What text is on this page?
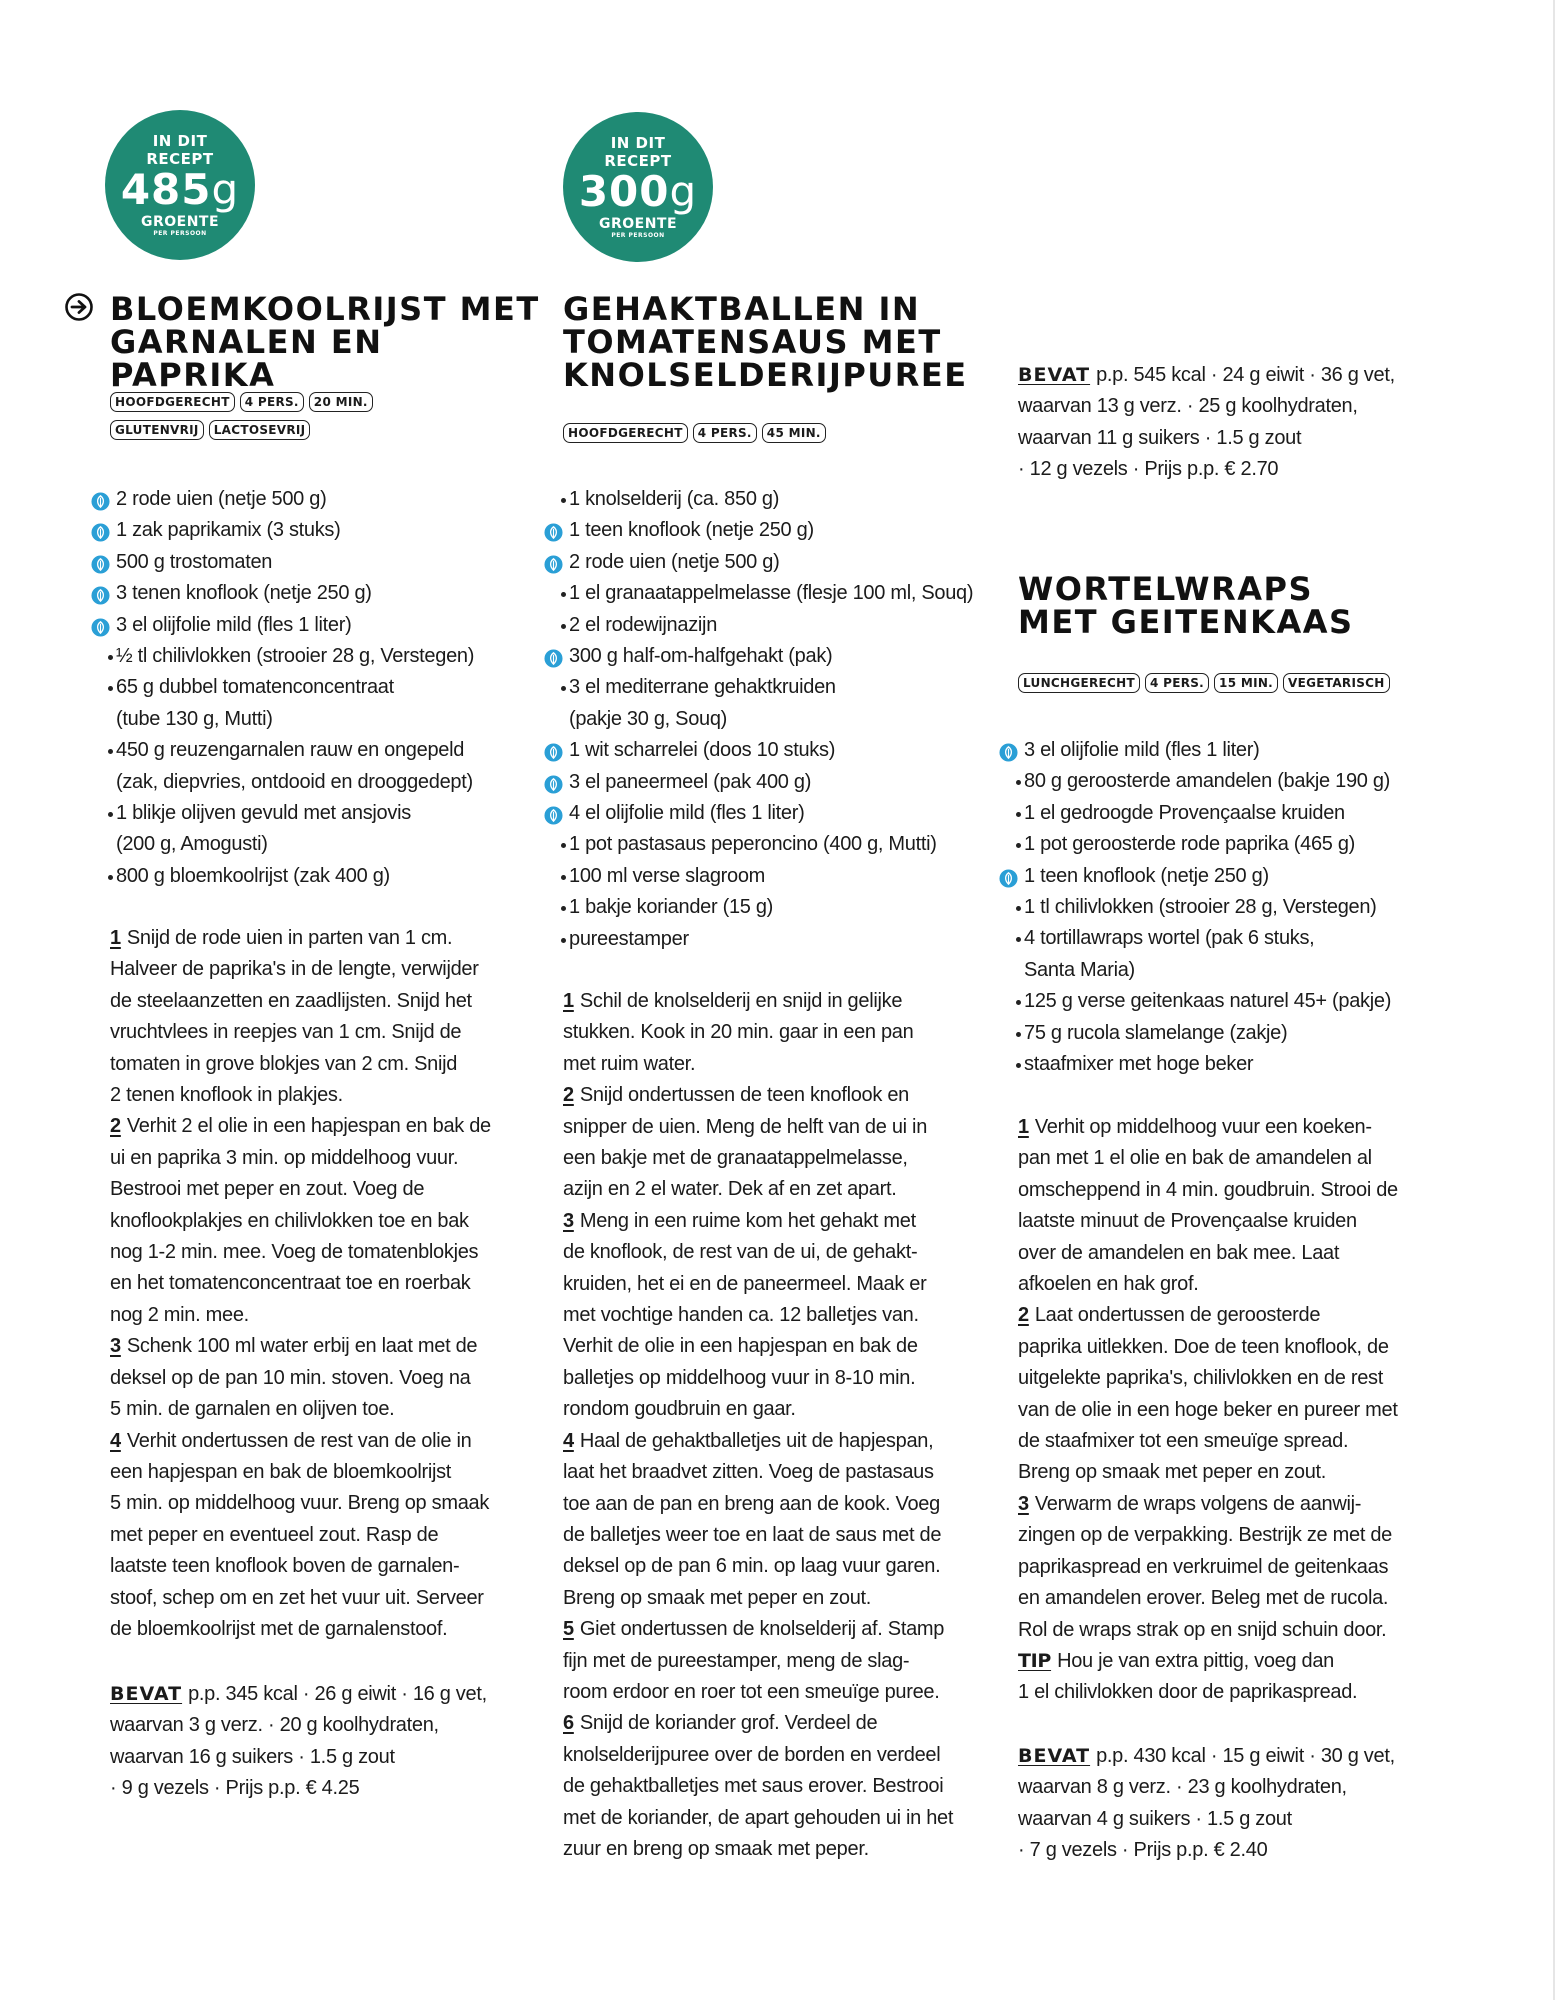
IN DIT
RECEPT
485g
GROENTE
PER PERSOON
BLOEMKOOLRIJST MET
GARNALEN EN PAPRIKA
HOOFDGERECHT	4 PERS.	20 MIN.
GLUTENVRIJ	LACTOSEVRIJ
2 rode uien (netje 500 g)
1 zak paprikamix (3 stuks)
500 g trostomaten
3 tenen knoflook (netje 250 g)
3 el olijfolie mild (fles 1 liter)
½ tl chilivlokken (strooier 28 g, Verstegen)
65 g dubbel tomatenconcentraat
(tube 130 g, Mutti)
450 g reuzengarnalen rauw en ongepeld
(zak, diepvries, ontdooid en drooggedept)
1 blikje olijven gevuld met ansjovis
(200 g, Amogusti)
800 g bloemkoolrijst (zak 400 g)

1 Snijd de rode uien in parten van 1 cm.
Halveer de paprika's in de lengte, verwijder
de steelaanzetten en zaadlijsten. Snijd het
vruchtvlees in reepjes van 1 cm. Snijd de
tomaten in grove blokjes van 2 cm. Snijd
2 tenen knoflook in plakjes.

2 Verhit 2 el olie in een hapjespan en bak de
ui en paprika 3 min. op middelhoog vuur.
Bestrooi met peper en zout. Voeg de
knoflookplakjes en chilivlokken toe en bak
nog 1-2 min. mee. Voeg de tomatenblokjes
en het tomatenconcentraat toe en roerbak
nog 2 min. mee.

3 Schenk 100 ml water erbij en laat met de
deksel op de pan 10 min. stoven. Voeg na
5 min. de garnalen en olijven toe.

4 Verhit ondertussen de rest van de olie in
een hapjespan en bak de bloemkoolrijst
5 min. op middelhoog vuur. Breng op smaak
met peper en eventueel zout. Rasp de
laatste teen knoflook boven de garnalen-
stoof, schep om en zet het vuur uit. Serveer
de bloemkoolrijst met de garnalenstoof.

BEVAT p.p. 345 kcal · 26 g eiwit · 16 g vet,
waarvan 3 g verz. · 20 g koolhydraten,
waarvan 16 g suikers · 1.5 g zout
· 9 g vezels · Prijs p.p. € 4.25
IN DIT
RECEPT
300g
GROENTE
PER PERSOON
GEHAKTBALLEN IN
TOMATENSAUS MET
KNOLSELDERIJPUREE
HOOFDGERECHT	4 PERS.	45 MIN.
1 knolselderij (ca. 850 g)
1 teen knoflook (netje 250 g)
2 rode uien (netje 500 g)
1 el granaatappelmelasse (flesje 100 ml, Souq)
2 el rodewijnazijn
300 g half-om-halfgehakt (pak)
3 el mediterrane gehaktkruiden
(pakje 30 g, Souq)
1 wit scharrelei (doos 10 stuks)
3 el paneermeel (pak 400 g)
4 el olijfolie mild (fles 1 liter)
1 pot pastasaus peperoncino (400 g, Mutti)
100 ml verse slagroom
1 bakje koriander (15 g)
pureestamper

1 Schil de knolselderij en snijd in gelijke
stukken. Kook in 20 min. gaar in een pan
met ruim water.

2 Snijd ondertussen de teen knoflook en
snipper de uien. Meng de helft van de ui in
een bakje met de granaatappelmelasse,
azijn en 2 el water. Dek af en zet apart.

3 Meng in een ruime kom het gehakt met
de knoflook, de rest van de ui, de gehakt-
kruiden, het ei en de paneermeel. Maak er
met vochtige handen ca. 12 balletjes van.
Verhit de olie in een hapjespan en bak de
balletjes op middelhoog vuur in 8-10 min.
rondom goudbruin en gaar.

4 Haal de gehaktballetjes uit de hapjespan,
laat het braadvet zitten. Voeg de pastasaus
toe aan de pan en breng aan de kook. Voeg
de balletjes weer toe en laat de saus met de
deksel op de pan 6 min. op laag vuur garen.
Breng op smaak met peper en zout.

5 Giet ondertussen de knolselderij af. Stamp
fijn met de pureestamper, meng de slag-
room erdoor en roer tot een smeuïge puree.

6 Snijd de koriander grof. Verdeel de
knolselderijpuree over de borden en verdeel
de gehaktballetjes met saus erover. Bestrooi
met de koriander, de apart gehouden ui in het
zuur en breng op smaak met peper.

BEVAT p.p. 545 kcal · 24 g eiwit · 36 g vet,
waarvan 13 g verz. · 25 g koolhydraten,
waarvan 11 g suikers · 1.5 g zout
· 12 g vezels · Prijs p.p. € 2.70
WORTELWRAPS
MET GEITENKAAS
LUNCHGERECHT	4 PERS.	15 MIN.	VEGETARISCH
3 el olijfolie mild (fles 1 liter)
80 g geroosterde amandelen (bakje 190 g)
1 el gedroogde Provençaalse kruiden
1 pot geroosterde rode paprika (465 g)
1 teen knoflook (netje 250 g)
1 tl chilivlokken (strooier 28 g, Verstegen)
4 tortillawraps wortel (pak 6 stuks,
Santa Maria)
125 g verse geitenkaas naturel 45+ (pakje)
75 g rucola slamelange (zakje)
staafmixer met hoge beker

1 Verhit op middelhoog vuur een koeken-
pan met 1 el olie en bak de amandelen al
omscheppend in 4 min. goudbruin. Strooi de
laatste minuut de Provençaalse kruiden
over de amandelen en bak mee. Laat
afkoelen en hak grof.

2 Laat ondertussen de geroosterde
paprika uitlekken. Doe de teen knoflook, de
uitgelekte paprika's, chilivlokken en de rest
van de olie in een hoge beker en pureer met
de staafmixer tot een smeuïge spread.
Breng op smaak met peper en zout.

3 Verwarm de wraps volgens de aanwij-
zingen op de verpakking. Bestrijk ze met de
paprikaspread en verkruimel de geitenkaas
en amandelen erover. Beleg met de rucola.
Rol de wraps strak op en snijd schuin door.

TIP Hou je van extra pittig, voeg dan
1 el chilivlokken door de paprikaspread.

BEVAT p.p. 430 kcal · 15 g eiwit · 30 g vet,
waarvan 8 g verz. · 23 g koolhydraten,
waarvan 4 g suikers · 1.5 g zout
· 7 g vezels · Prijs p.p. € 2.40
